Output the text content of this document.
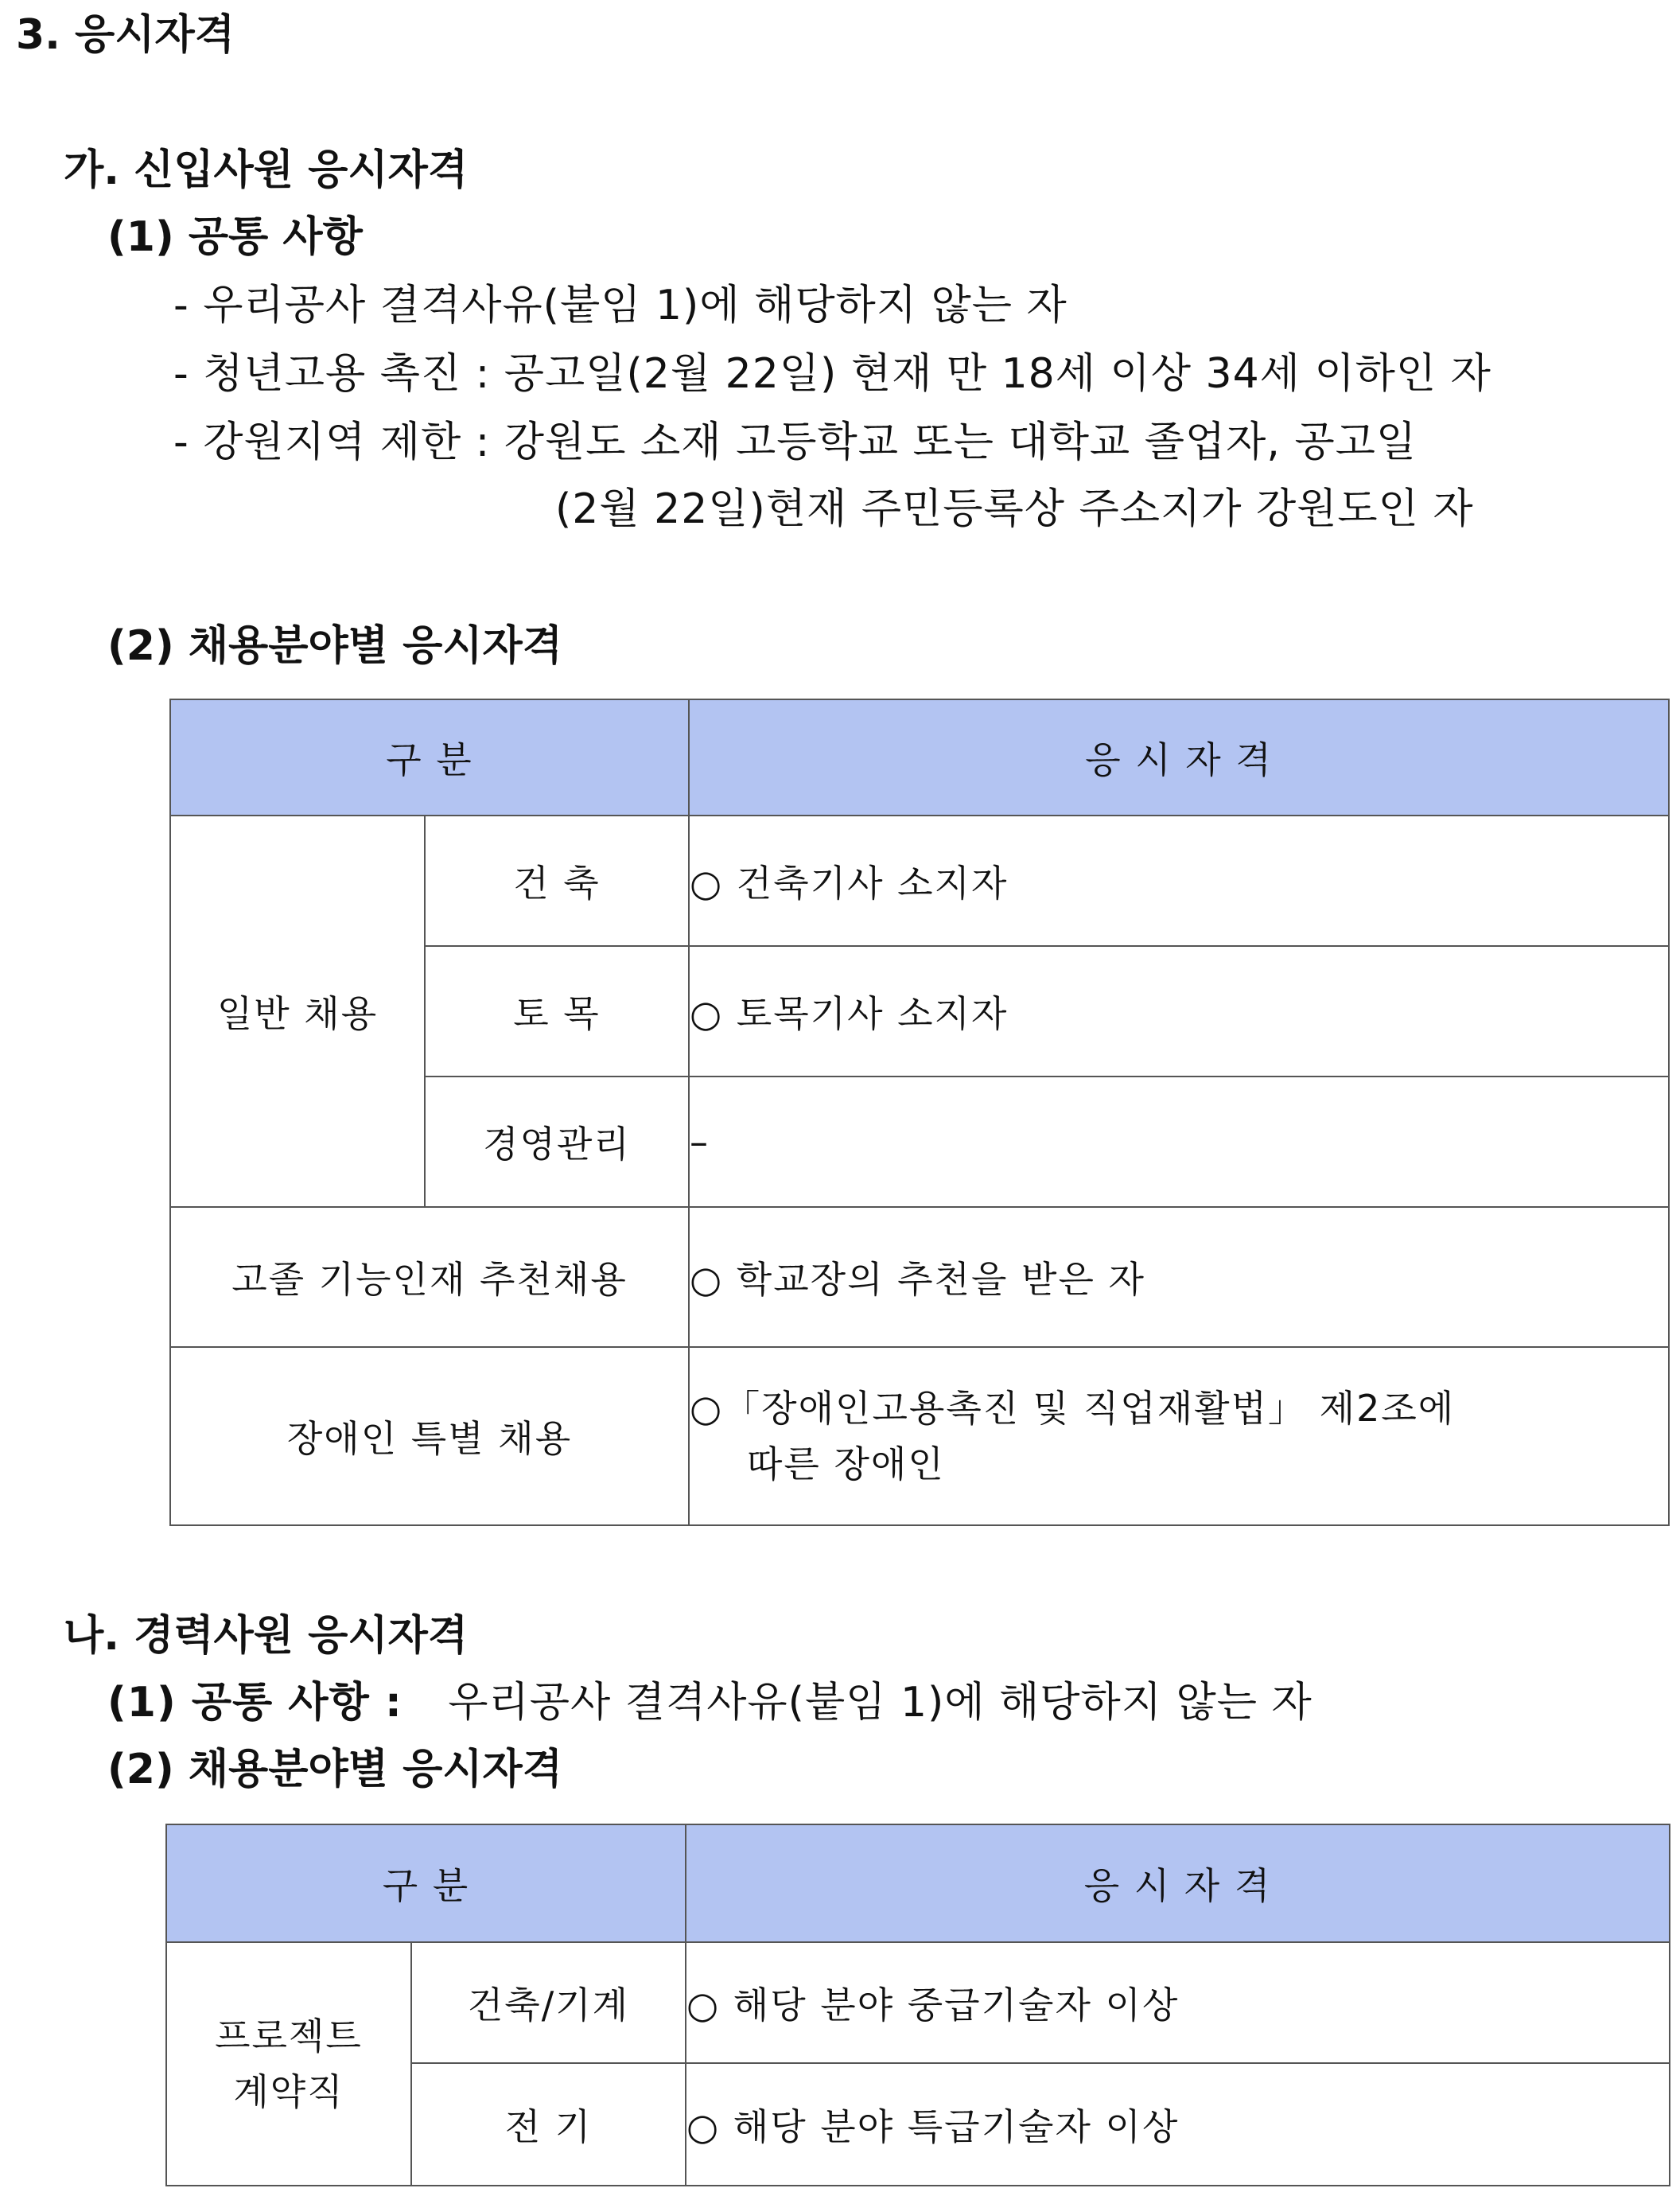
3. 응시자격
가. 신입사원 응시자격
(1) 공통 사항
- 우리공사 결격사유(붙임 1)에 해당하지 않는 자
- 청년고용 촉진 : 공고일(2월 22일) 현재 만 18세 이상 34세 이하인 자
- 강원지역 제한 : 강원도 소재 고등학교 또는 대학교 졸업자, 공고일
(2월 22일)현재 주민등록상 주소지가 강원도인 자
(2) 채용분야별 응시자격
구 분		응 시 자 격
일반 채용	건 축	○ 건축기사 소지자
	토 목	○ 토목기사 소지자
	경영관리	–
고졸 기능인재 추천채용		○ 학교장의 추천을 받은 자
장애인 특별 채용		○「장애인고용촉진 및 직업재활법」 제2조에
따른 장애인
나. 경력사원 응시자격
(1) 공통 사항 : 우리공사 결격사유(붙임 1)에 해당하지 않는 자
(2) 채용분야별 응시자격
구 분		응 시 자 격

프로젝트
계약직	건축/기계	○ 해당 분야 중급기술자 이상
	전 기	○ 해당 분야 특급기술자 이상
